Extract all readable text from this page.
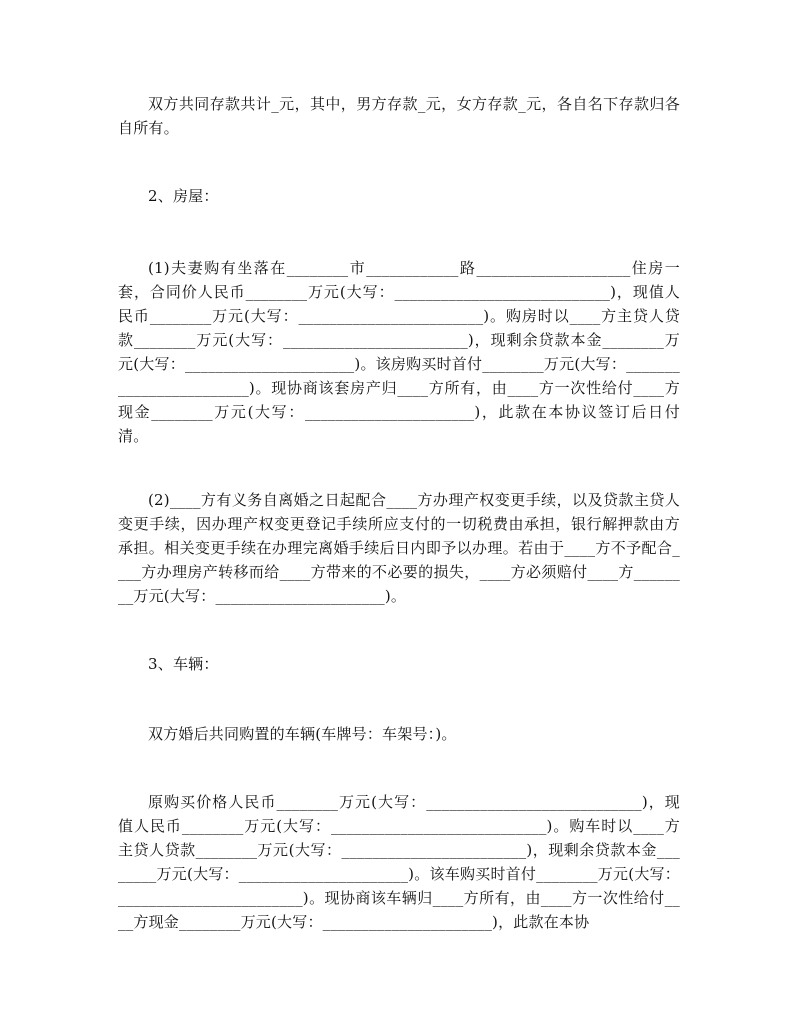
双方共同存款共计_元，其中，男方存款_元，女方存款_元，各自名下存款归各自所有。

2、房屋：

(1)夫妻购有坐落在________市____________路____________________住房一套，合同价人民币________万元(大写：____________________________)，现值人民币________万元(大写：________________________)。购房时以____方主贷人贷款________万元(大写：________________________)，现剩余贷款本金________万元(大写：______________________)。该房购买时首付________万元(大写：________________________)。现协商该套房产归____方所有，由____方一次性给付____方现金________万元(大写：______________________)，此款在本协议签订后日付清。

(2)____方有义务自离婚之日起配合____方办理产权变更手续，以及贷款主贷人变更手续，因办理产权变更登记手续所应支付的一切税费由承担，银行解押款由方承担。相关变更手续在办理完离婚手续后日内即予以办理。若由于____方不予配合____方办理房产转移而给____方带来的不必要的损失，____方必须赔付____方________万元(大写：______________________)。

3、车辆：

双方婚后共同购置的车辆(车牌号：车架号：)。

原购买价格人民币________万元(大写：____________________________)，现值人民币________万元(大写：____________________________)。购车时以____方主贷人贷款________万元(大写：________________________)，现剩余贷款本金________万元(大写：______________________)。该车购买时首付________万元(大写：________________________)。现协商该车辆归____方所有，由____方一次性给付____方现金________万元(大写：______________________)，此款在本协
